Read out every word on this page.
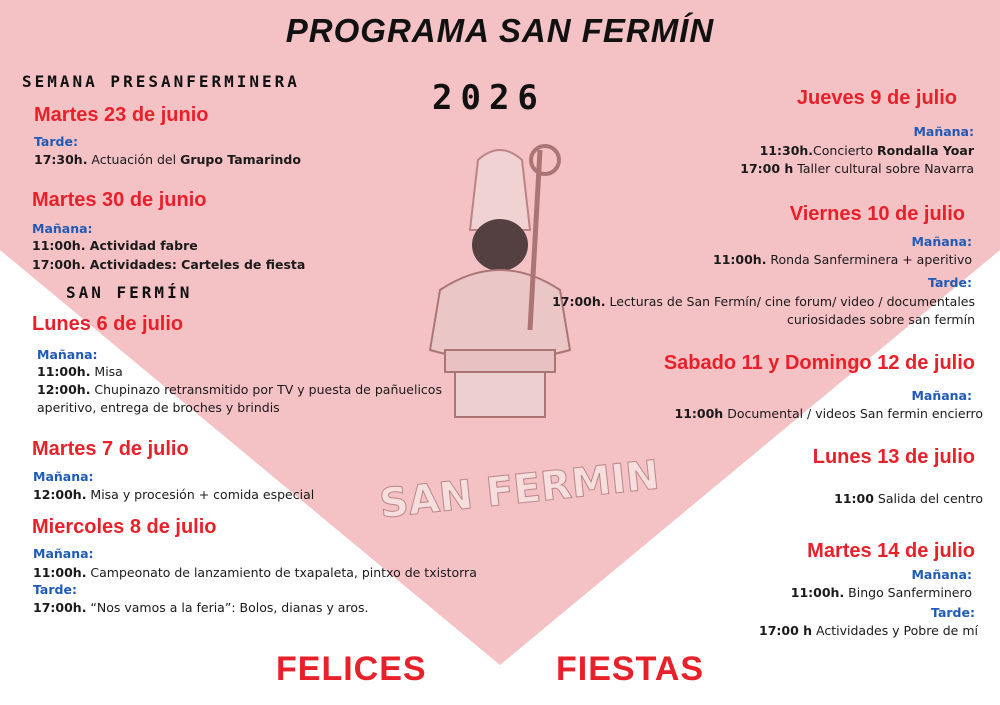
SAN FERMIN
PROGRAMA SAN FERMÍN
2026
SEMANA PRESANFERMINERA
Martes 23 de junio
Tarde:
17:30h. Actuación del Grupo Tamarindo
Martes 30 de junio
Mañana:
11:00h. Actividad fabre
17:00h. Actividades: Carteles de fiesta
SAN FERMÍN
Lunes 6 de julio
Mañana:
11:00h. Misa
12:00h. Chupinazo retransmitido por TV y puesta de pañuelicos
aperitivo, entrega de broches y brindis
Martes 7 de julio
Mañana:
12:00h. Misa y procesión + comida especial
Miercoles 8 de julio
Mañana:
11:00h. Campeonato de lanzamiento de txapaleta, pintxo de txistorra
Tarde:
17:00h. “Nos vamos a la feria”: Bolos, dianas y aros.
Jueves 9 de julio
Mañana:
11:30h.Concierto Rondalla Yoar
17:00 h Taller cultural sobre Navarra
Viernes 10 de julio
Mañana:
11:00h. Ronda Sanferminera + aperitivo
Tarde:
17:00h. Lecturas de San Fermín/ cine forum/ video / documentales
curiosidades sobre san fermín
Sabado 11 y Domingo 12 de julio
Mañana:
11:00h Documental / videos San fermin encierro
Lunes 13 de julio
11:00 Salida del centro
Martes 14 de julio
Mañana:
11:00h. Bingo Sanferminero
Tarde:
17:00 h Actividades y Pobre de mí
FELICES	FIESTAS
